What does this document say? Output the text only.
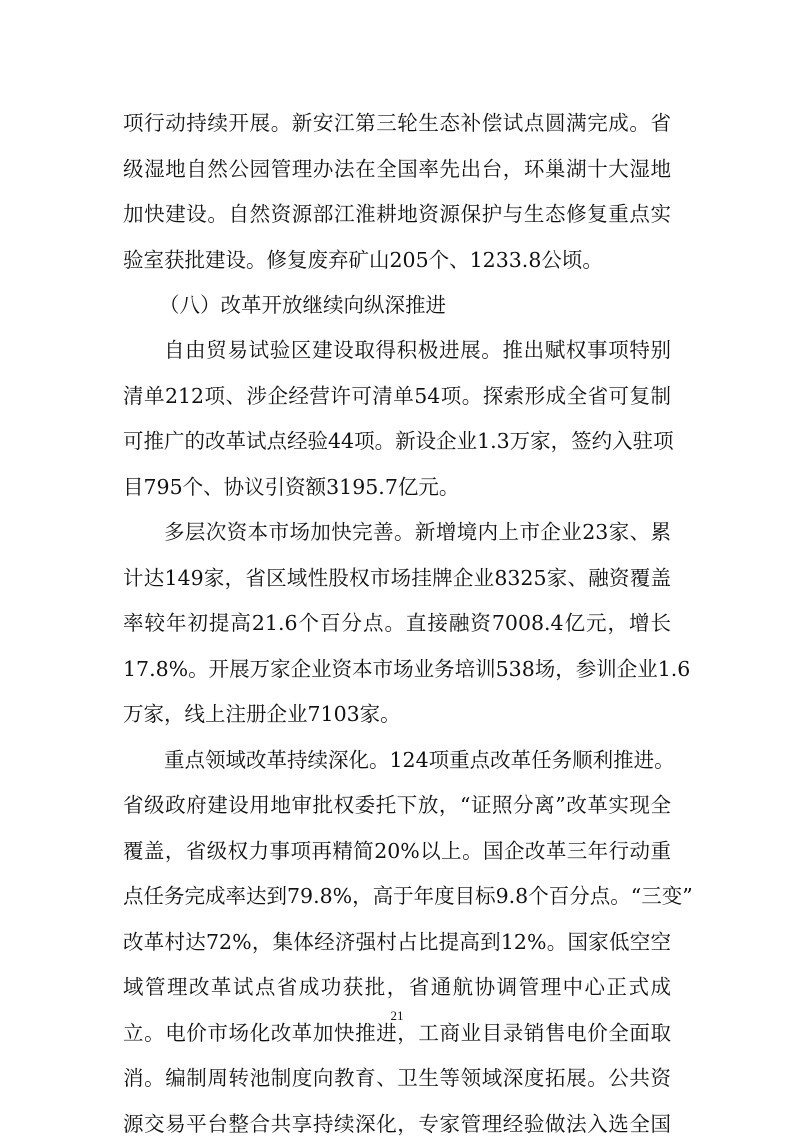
项行动持续开展。新安江第三轮生态补偿试点圆满完成。省
级湿地自然公园管理办法在全国率先出台，环巢湖十大湿地
加快建设。自然资源部江淮耕地资源保护与生态修复重点实
验室获批建设。修复废弃矿山205个、1233.8公顷。
（八）改革开放继续向纵深推进
自由贸易试验区建设取得积极进展。推出赋权事项特别
清单212项、涉企经营许可清单54项。探索形成全省可复制
可推广的改革试点经验44项。新设企业1.3万家，签约入驻项
目795个、协议引资额3195.7亿元。
多层次资本市场加快完善。新增境内上市企业23家、累
计达149家，省区域性股权市场挂牌企业8325家、融资覆盖
率较年初提高21.6个百分点。直接融资7008.4亿元，增长
17.8%。开展万家企业资本市场业务培训538场，参训企业1.6
万家，线上注册企业7103家。
重点领域改革持续深化。124项重点改革任务顺利推进。
省级政府建设用地审批权委托下放，“证照分离”改革实现全
覆盖，省级权力事项再精简20%以上。国企改革三年行动重
点任务完成率达到79.8%，高于年度目标9.8个百分点。“三变”
改革村达72%，集体经济强村占比提高到12%。国家低空空
域管理改革试点省成功获批，省通航协调管理中心正式成
立。电价市场化改革加快推进，工商业目录销售电价全面取
消。编制周转池制度向教育、卫生等领域深度拓展。公共资
源交易平台整合共享持续深化，专家管理经验做法入选全国
21
